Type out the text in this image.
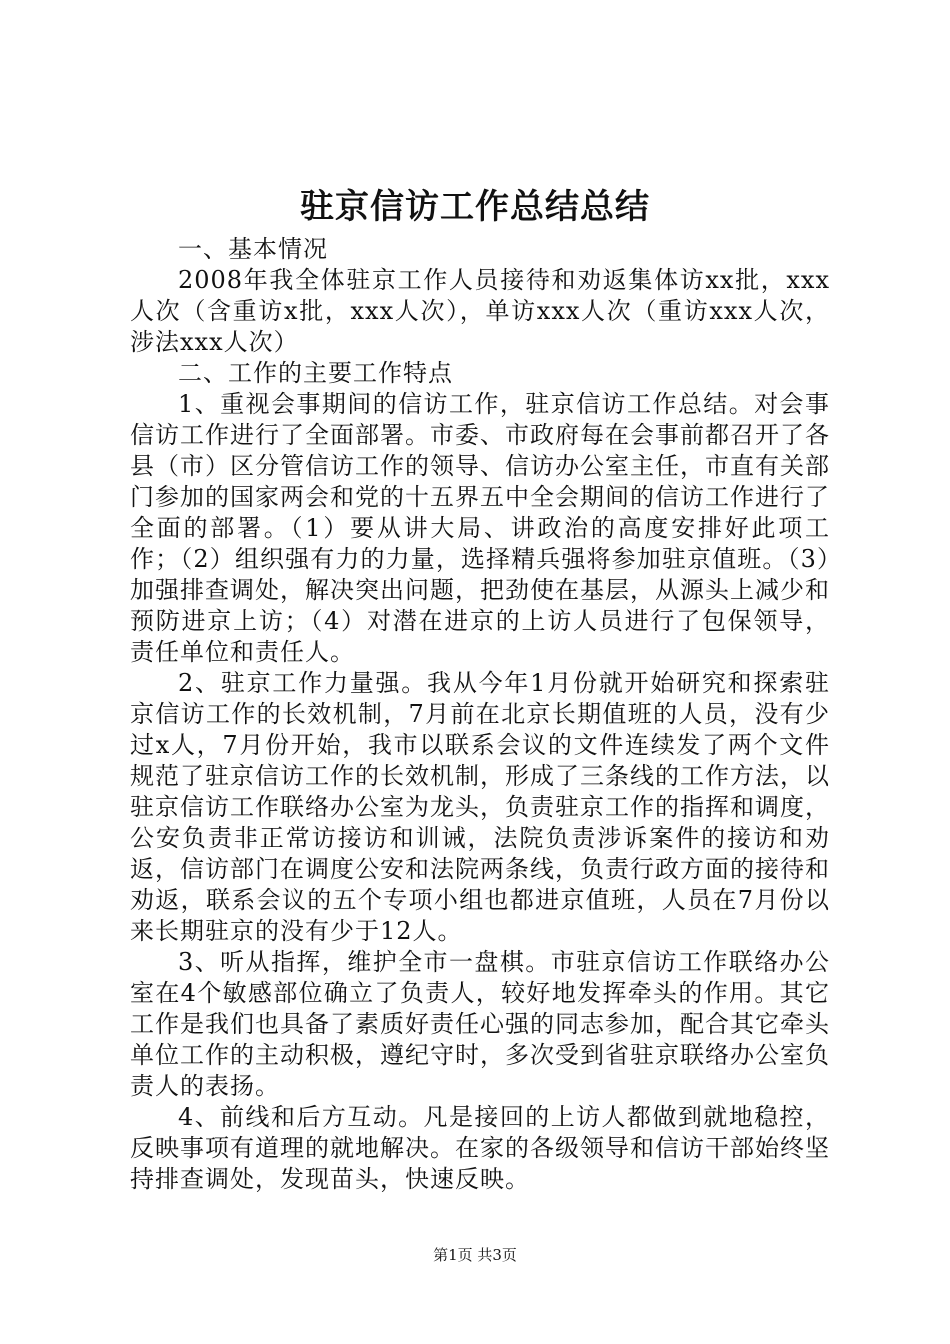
驻京信访工作总结总结

一、基本情况

2008年我全体驻京工作人员接待和劝返集体访xx批，xxx人次（含重访x批，xxx人次），单访xxx人次（重访xxx人次，涉法xxx人次）

二、工作的主要工作特点

1、重视会事期间的信访工作，驻京信访工作总结。对会事信访工作进行了全面部署。市委、市政府每在会事前都召开了各县（市）区分管信访工作的领导、信访办公室主任，市直有关部门参加的国家两会和党的十五界五中全会期间的信访工作进行了全面的部署。（1）要从讲大局、讲政治的高度安排好此项工作；（2）组织强有力的力量，选择精兵强将参加驻京值班。（3）加强排查调处，解决突出问题，把劲使在基层，从源头上减少和预防进京上访；（4）对潜在进京的上访人员进行了包保领导，责任单位和责任人。

2、驻京工作力量强。我从今年1月份就开始研究和探索驻京信访工作的长效机制，7月前在北京长期值班的人员，没有少过x人，7月份开始，我市以联系会议的文件连续发了两个文件规范了驻京信访工作的长效机制，形成了三条线的工作方法，以驻京信访工作联络办公室为龙头，负责驻京工作的指挥和调度，公安负责非正常访接访和训诫，法院负责涉诉案件的接访和劝返，信访部门在调度公安和法院两条线，负责行政方面的接待和劝返，联系会议的五个专项小组也都进京值班，人员在7月份以来长期驻京的没有少于12人。

3、听从指挥，维护全市一盘棋。市驻京信访工作联络办公室在4个敏感部位确立了负责人，较好地发挥牵头的作用。其它工作是我们也具备了素质好责任心强的同志参加，配合其它牵头单位工作的主动积极，遵纪守时，多次受到省驻京联络办公室负责人的表扬。

4、前线和后方互动。凡是接回的上访人都做到就地稳控，反映事项有道理的就地解决。在家的各级领导和信访干部始终坚持排查调处，发现苗头，快速反映。

第1页 共3页
